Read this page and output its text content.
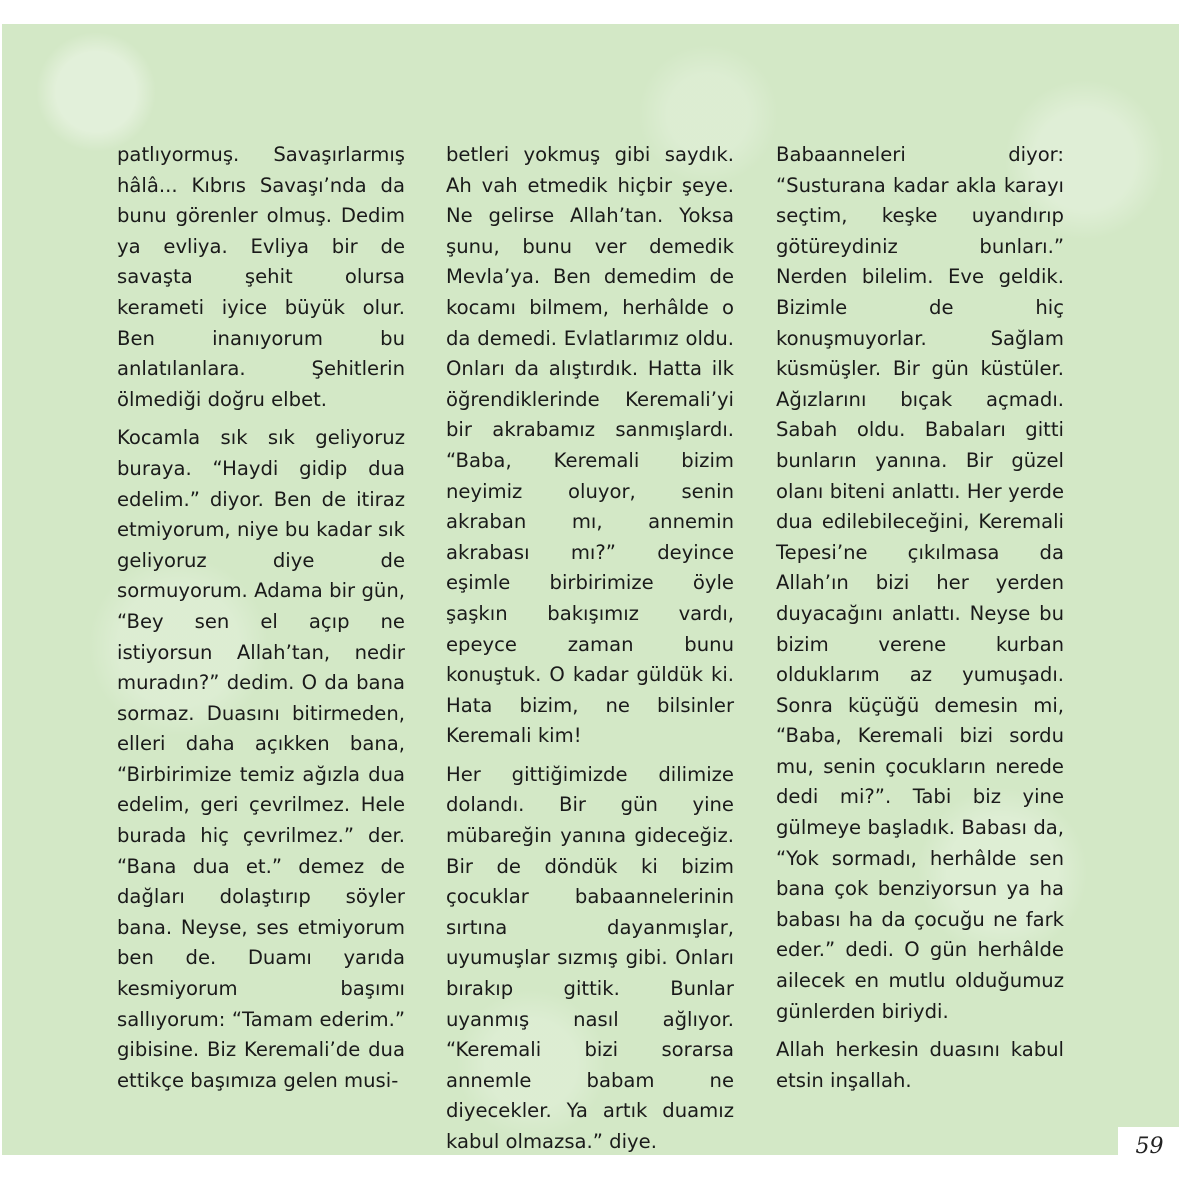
patlıyormuş. Savaşırlarmış hâlâ... Kıbrıs Savaşı’nda da bunu görenler olmuş. Dedim ya evliya. Evliya bir de savaşta şehit olursa kerameti iyice büyük olur. Ben inanıyorum bu anlatılanlara. Şehitlerin ölmediği doğru elbet.

Kocamla sık sık geliyoruz buraya. “Haydi gidip dua edelim.” diyor. Ben de itiraz etmiyorum, niye bu kadar sık geliyoruz diye de sormuyorum. Adama bir gün, “Bey sen el açıp ne istiyorsun Allah’tan, nedir muradın?” dedim. O da bana sormaz. Duasını bitirmeden, elleri daha açıkken bana, “Birbirimize temiz ağızla dua edelim, geri çevrilmez. Hele burada hiç çevrilmez.” der. “Bana dua et.” demez de dağları dolaştırıp söyler bana. Neyse, ses etmiyorum ben de. Duamı yarıda kesmiyorum başımı sallıyorum: “Tamam ederim.” gibisine. Biz Keremali’de dua ettikçe başımıza gelen musi-

betleri yokmuş gibi saydık. Ah vah etmedik hiçbir şeye. Ne gelirse Allah’tan. Yoksa şunu, bunu ver demedik Mevla’ya. Ben demedim de kocamı bilmem, herhâlde o da demedi. Evlatlarımız oldu. Onları da alıştırdık. Hatta ilk öğrendiklerinde Keremali’yi bir akrabamız sanmışlardı. “Baba, Keremali bizim neyimiz oluyor, senin akraban mı, annemin akrabası mı?” deyince eşimle birbirimize öyle şaşkın bakışımız vardı, epeyce zaman bunu konuştuk. O kadar güldük ki. Hata bizim, ne bilsinler Keremali kim!

Her gittiğimizde dilimize dolandı. Bir gün yine mübareğin yanına gideceğiz. Bir de döndük ki bizim çocuklar babaannelerinin sırtına dayanmışlar, uyumuşlar sızmış gibi. Onları bırakıp gittik. Bunlar uyanmış nasıl ağlıyor. “Keremali bizi sorarsa annemle babam ne diyecekler. Ya artık duamız kabul olmazsa.” diye.

Babaanneleri diyor: “Susturana kadar akla karayı seçtim, keşke uyandırıp götüreydiniz bunları.” Nerden bilelim. Eve geldik. Bizimle de hiç konuşmuyorlar. Sağlam küsmüşler. Bir gün küstüler. Ağızlarını bıçak açmadı. Sabah oldu. Babaları gitti bunların yanına. Bir güzel olanı biteni anlattı. Her yerde dua edilebileceğini, Keremali Tepesi’ne çıkılmasa da Allah’ın bizi her yerden duyacağını anlattı. Neyse bu bizim verene kurban olduklarım az yumuşadı. Sonra küçüğü demesin mi, “Baba, Keremali bizi sordu mu, senin çocukların nerede dedi mi?”. Tabi biz yine gülmeye başladık. Babası da, “Yok sormadı, herhâlde sen bana çok benziyorsun ya ha babası ha da çocuğu ne fark eder.” dedi. O gün herhâlde ailecek en mutlu olduğumuz günlerden biriydi.

Allah herkesin duasını kabul etsin inşallah.

59
